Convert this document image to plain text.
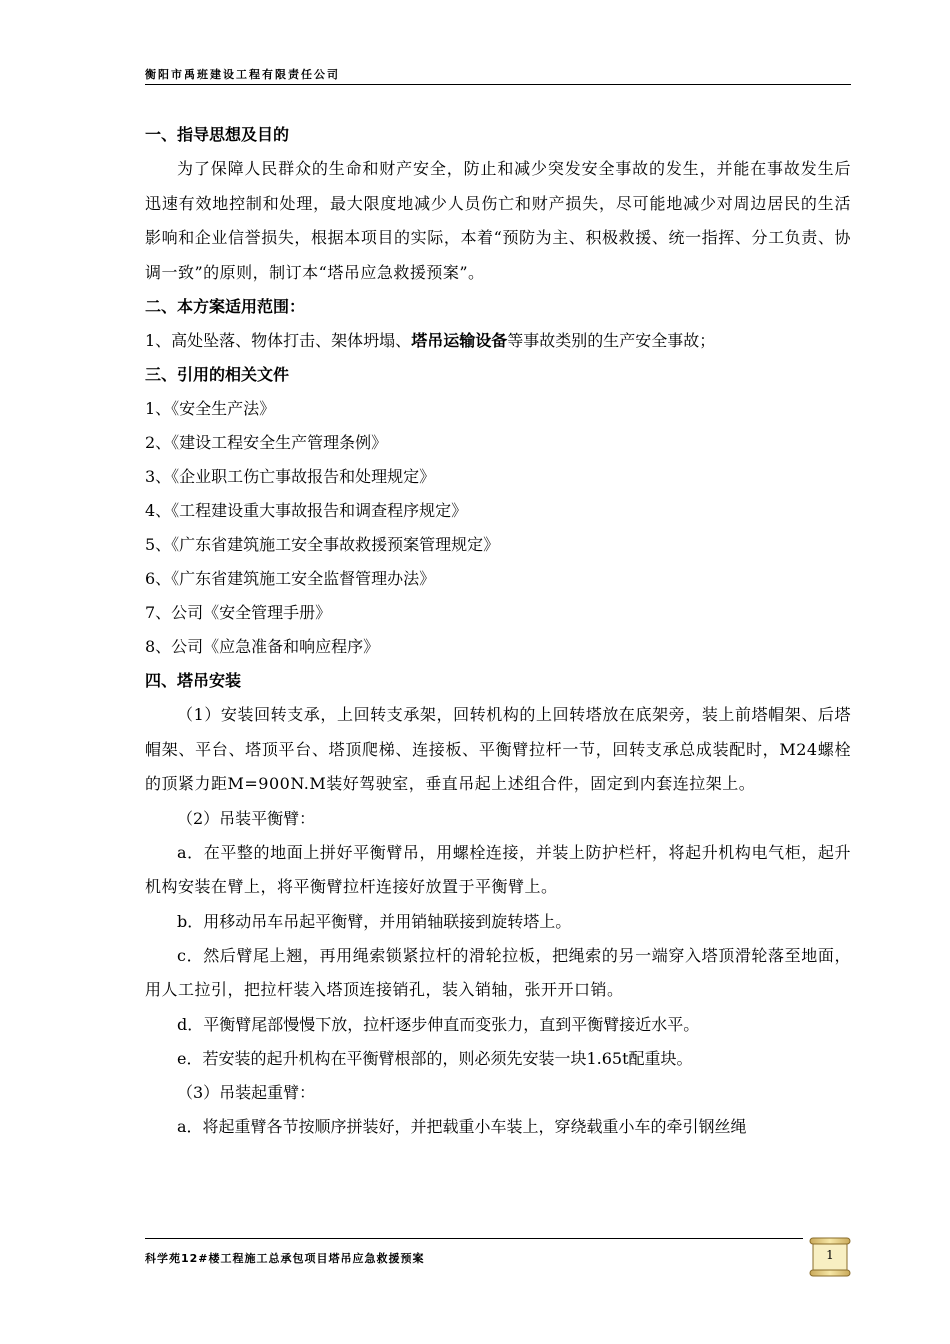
衡阳市禹班建设工程有限责任公司
一、指导思想及目的
为了保障人民群众的生命和财产安全，防止和减少突发安全事故的发生，并能在事故发生后迅速有效地控制和处理，最大限度地减少人员伤亡和财产损失，尽可能地减少对周边居民的生活影响和企业信誉损失，根据本项目的实际，本着“预防为主、积极救援、统一指挥、分工负责、协调一致”的原则，制订本“塔吊应急救援预案”。
二、本方案适用范围：
1、高处坠落、物体打击、架体坍塌、塔吊运输设备等事故类别的生产安全事故；
三、引用的相关文件
1、《安全生产法》
2、《建设工程安全生产管理条例》
3、《企业职工伤亡事故报告和处理规定》
4、《工程建设重大事故报告和调查程序规定》
5、《广东省建筑施工安全事故救援预案管理规定》
6、《广东省建筑施工安全监督管理办法》
7、公司《安全管理手册》
8、公司《应急准备和响应程序》
四、塔吊安装
（1）安装回转支承，上回转支承架，回转机构的上回转塔放在底架旁，装上前塔帽架、后塔帽架、平台、塔顶平台、塔顶爬梯、连接板、平衡臂拉杆一节，回转支承总成装配时，M24螺栓的顶紧力距M=900N.M装好驾驶室，垂直吊起上述组合件，固定到内套连拉架上。
（2）吊装平衡臂：
a．在平整的地面上拼好平衡臂吊，用螺栓连接，并装上防护栏杆，将起升机构电气柜，起升机构安装在臂上，将平衡臂拉杆连接好放置于平衡臂上。
b．用移动吊车吊起平衡臂，并用销轴联接到旋转塔上。
c．然后臂尾上翘，再用绳索锁紧拉杆的滑轮拉板，把绳索的另一端穿入塔顶滑轮落至地面，用人工拉引，把拉杆装入塔顶连接销孔，装入销轴，张开开口销。
d．平衡臂尾部慢慢下放，拉杆逐步伸直而变张力，直到平衡臂接近水平。
e．若安装的起升机构在平衡臂根部的，则必须先安装一块1.65t配重块。
（3）吊装起重臂：
a．将起重臂各节按顺序拼装好，并把载重小车装上，穿绕载重小车的牵引钢丝绳
科学苑12#楼工程施工总承包项目塔吊应急救援预案	1
